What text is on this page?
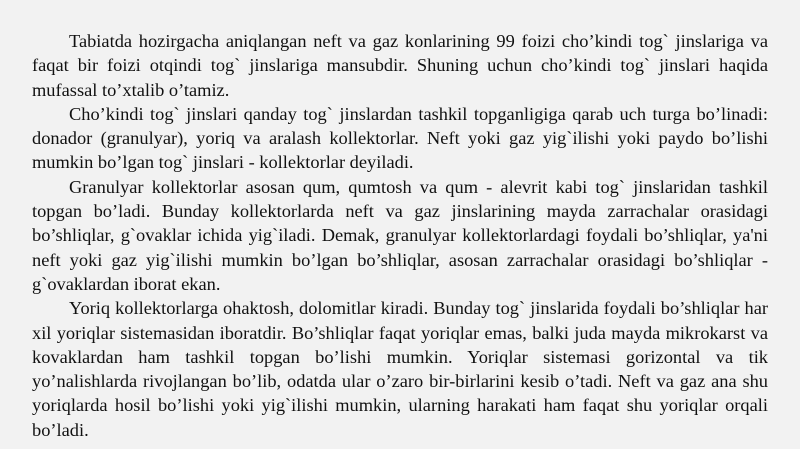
Tabiatda hozirgacha aniqlangan neft va gaz konlarining 99 foizi cho’kindi tog` jinslariga va faqat bir foizi otqindi tog` jinslariga mansubdir. Shuning uchun cho’kindi tog` jinslari haqida mufassal to’xtalib o’tamiz.

Cho’kindi tog` jinslari qanday tog` jinslardan tashkil topganligiga qarab uch turga bo’linadi: donador (granulyar), yoriq va aralash kollektorlar. Neft yoki gaz yig`ilishi yoki paydo bo’lishi mumkin bo’lgan tog` jinslari - kollektorlar deyiladi.

Granulyar kollektorlar asosan qum, qumtosh va qum - alevrit kabi tog` jinslaridan tashkil topgan bo’ladi. Bunday kollektorlarda neft va gaz jinslarining mayda zarrachalar orasidagi bo’shliqlar, g`ovaklar ichida yig`iladi. Demak, granulyar kollektorlardagi foydali bo’shliqlar, ya'ni neft yoki gaz yig`ilishi mumkin bo’lgan bo’shliqlar, asosan zarrachalar orasidagi bo’shliqlar - g`ovaklardan iborat ekan.

Yoriq kollektorlarga ohaktosh, dolomitlar kiradi. Bunday tog` jinslarida foydali bo’shliqlar har xil yoriqlar sistemasidan iboratdir. Bo’shliqlar faqat yoriqlar emas, balki juda mayda mikrokarst va kovaklardan ham tashkil topgan bo’lishi mumkin. Yoriqlar sistemasi gorizontal va tik yo’nalishlarda rivojlangan bo’lib, odatda ular o’zaro bir-birlarini kesib o’tadi. Neft va gaz ana shu yoriqlarda hosil bo’lishi yoki yig`ilishi mumkin, ularning harakati ham faqat shu yoriqlar orqali bo’ladi.
